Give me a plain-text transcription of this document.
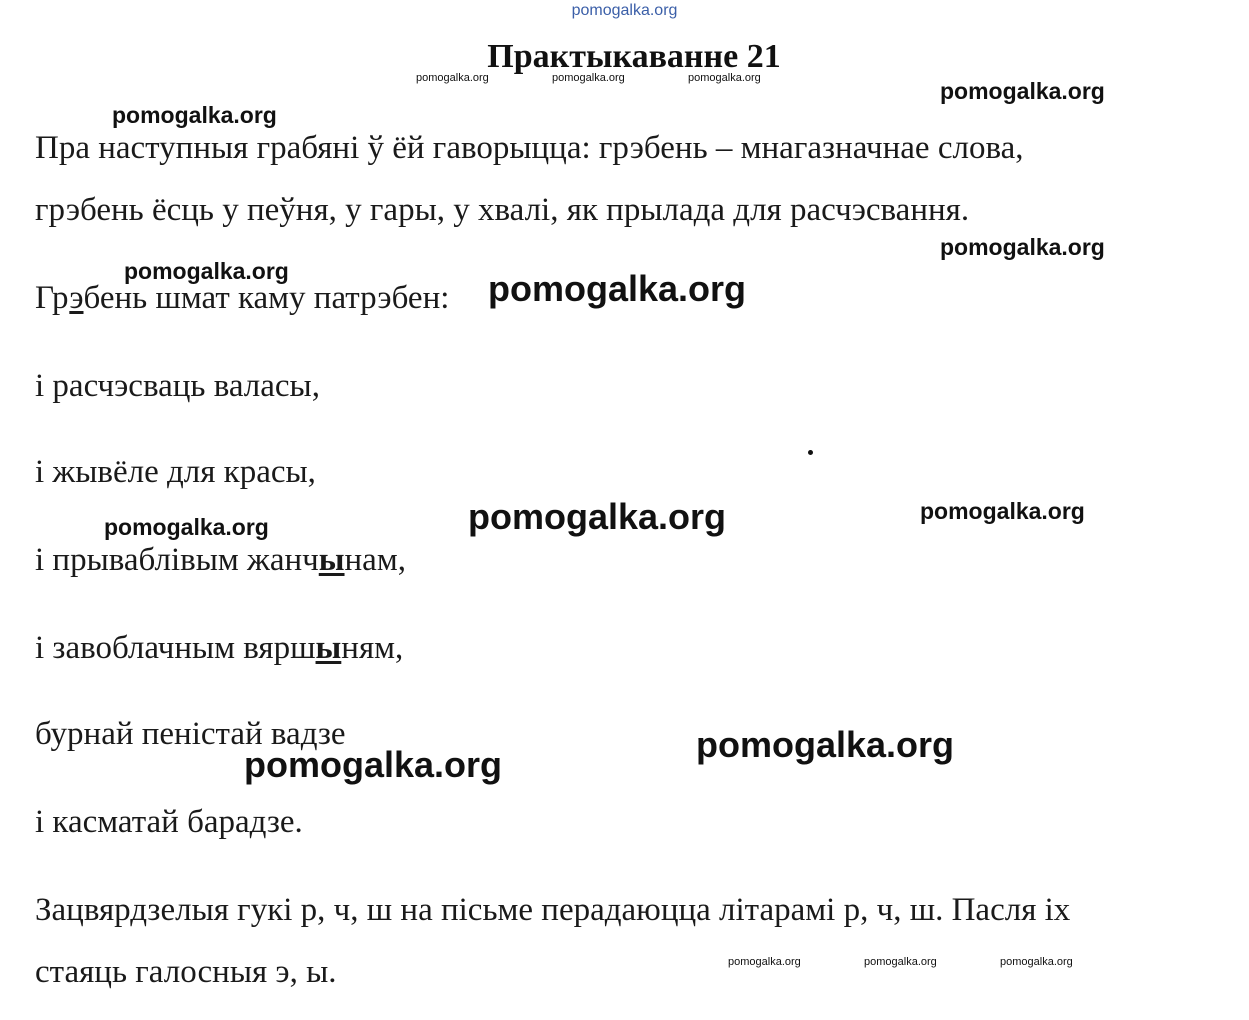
pomogalka.org
Практыкаванне 21
pomogalka.org	pomogalka.org	pomogalka.org	pomogalka.org
pomogalka.org
Пра наступныя грабяні ў ёй гаворыцца: грэбень – мнагазначнае слова,
грэбень ёсць у пеўня, у гары, у хвалі, як прылада для расчэсвання.
pomogalka.org
pomogalka.org
Грэбень шмат каму патрэбен: pomogalka.org
і расчэсваць валасы,
і жывёле для красы,
pomogalka.org	pomogalka.org	pomogalka.org
і прываблівым жанчынам,
і завоблачным вяршыням,
бурнай пеністай вадзе
pomogalka.org	pomogalka.org
і касматай барадзе.
Зацвярдзелыя гукі р, ч, ш на пісьме перадаюцца літарамі р, ч, ш. Пасля іх
стаяць галосныя э, ы.	pomogalka.org	pomogalka.org	pomogalka.org
